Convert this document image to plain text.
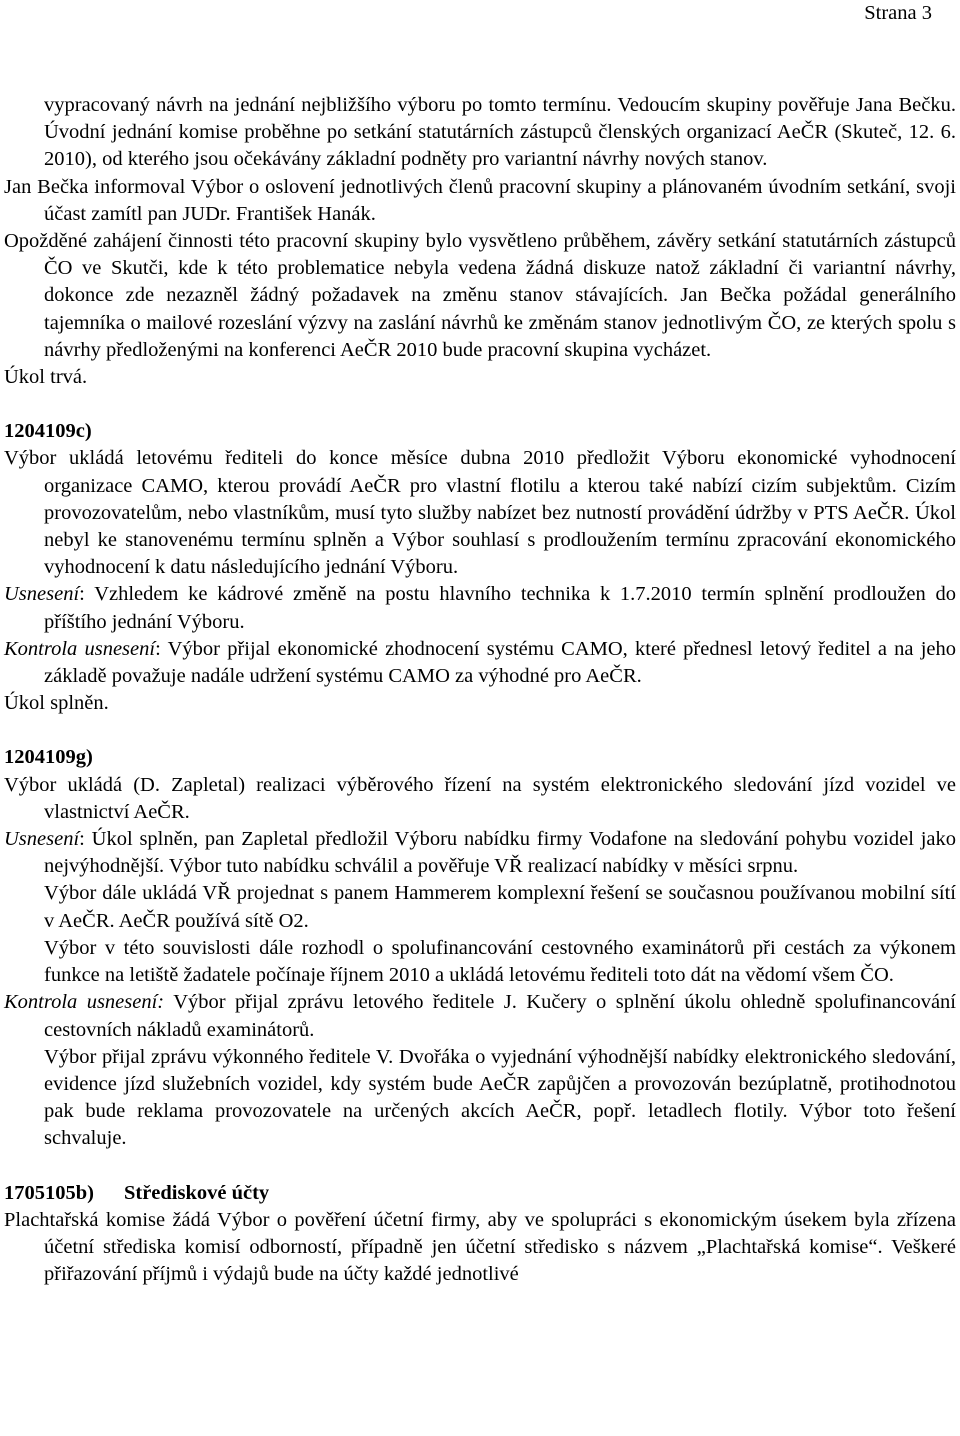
Strana 3

vypracovaný návrh na jednání nejbližšího výboru po tomto termínu. Vedoucím skupiny pověřuje Jana Bečku. Úvodní jednání komise proběhne po setkání statutárních zástupců členských organizací AeČR (Skuteč, 12. 6. 2010), od kterého jsou očekávány základní podněty pro variantní návrhy nových stanov.

Jan Bečka informoval Výbor o oslovení jednotlivých členů pracovní skupiny a plánovaném úvodním setkání, svoji účast zamítl pan JUDr. František Hanák.

Opožděné zahájení činnosti této pracovní skupiny bylo vysvětleno průběhem, závěry setkání statutárních zástupců ČO ve Skutči, kde k této problematice nebyla vedena žádná diskuze natož základní či variantní návrhy, dokonce zde nezazněl žádný požadavek na změnu stanov stávajících. Jan Bečka požádal generálního tajemníka o mailové rozeslání výzvy na zaslání návrhů ke změnám stanov jednotlivým ČO, ze kterých spolu s návrhy předloženými na konferenci AeČR 2010 bude pracovní skupina vycházet.

Úkol trvá.

1204109c)

Výbor ukládá letovému řediteli do konce měsíce dubna 2010 předložit Výboru ekonomické vyhodnocení organizace CAMO, kterou provádí AeČR pro vlastní flotilu a kterou také nabízí cizím subjektům. Cizím provozovatelům, nebo vlastníkům, musí tyto služby nabízet bez nutností provádění údržby v PTS AeČR. Úkol nebyl ke stanovenému termínu splněn a Výbor souhlasí s prodloužením termínu zpracování ekonomického vyhodnocení k datu následujícího jednání Výboru.

Usnesení: Vzhledem ke kádrové změně na postu hlavního technika k 1.7.2010 termín splnění prodloužen do příštího jednání Výboru.

Kontrola usnesení: Výbor přijal ekonomické zhodnocení systému CAMO, které přednesl letový ředitel a na jeho základě považuje nadále udržení systému CAMO za výhodné pro AeČR.

Úkol splněn.

1204109g)

Výbor ukládá (D. Zapletal) realizaci výběrového řízení na systém elektronického sledování jízd vozidel ve vlastnictví AeČR.

Usnesení: Úkol splněn, pan Zapletal předložil Výboru nabídku firmy Vodafone na sledování pohybu vozidel jako nejvýhodnější. Výbor tuto nabídku schválil a pověřuje VŘ realizací nabídky v měsíci srpnu.

Výbor dále ukládá VŘ projednat s panem Hammerem komplexní řešení se současnou používanou mobilní sítí v AeČR. AeČR používá sítě O2.

Výbor v této souvislosti dále rozhodl o spolufinancování cestovného examinátorů při cestách za výkonem funkce na letiště žadatele počínaje říjnem 2010 a ukládá letovému řediteli toto dát na vědomí všem ČO.

Kontrola usnesení: Výbor přijal zprávu letového ředitele J. Kučery o splnění úkolu ohledně spolufinancování cestovních nákladů examinátorů.

Výbor přijal zprávu výkonného ředitele V. Dvořáka o vyjednání výhodnější nabídky elektronického sledování, evidence jízd služebních vozidel, kdy systém bude AeČR zapůjčen a provozován bezúplatně, protihodnotou pak bude reklama provozovatele na určených akcích AeČR, popř. letadlech flotily. Výbor toto řešení schvaluje.

1705105b) Střediskové účty

Plachtařská komise žádá Výbor o pověření účetní firmy, aby ve spolupráci s ekonomickým úsekem byla zřízena účetní střediska komisí odborností, případně jen účetní středisko s názvem „Plachtařská komise“. Veškeré přiřazování příjmů i výdajů bude na účty každé jednotlivé
